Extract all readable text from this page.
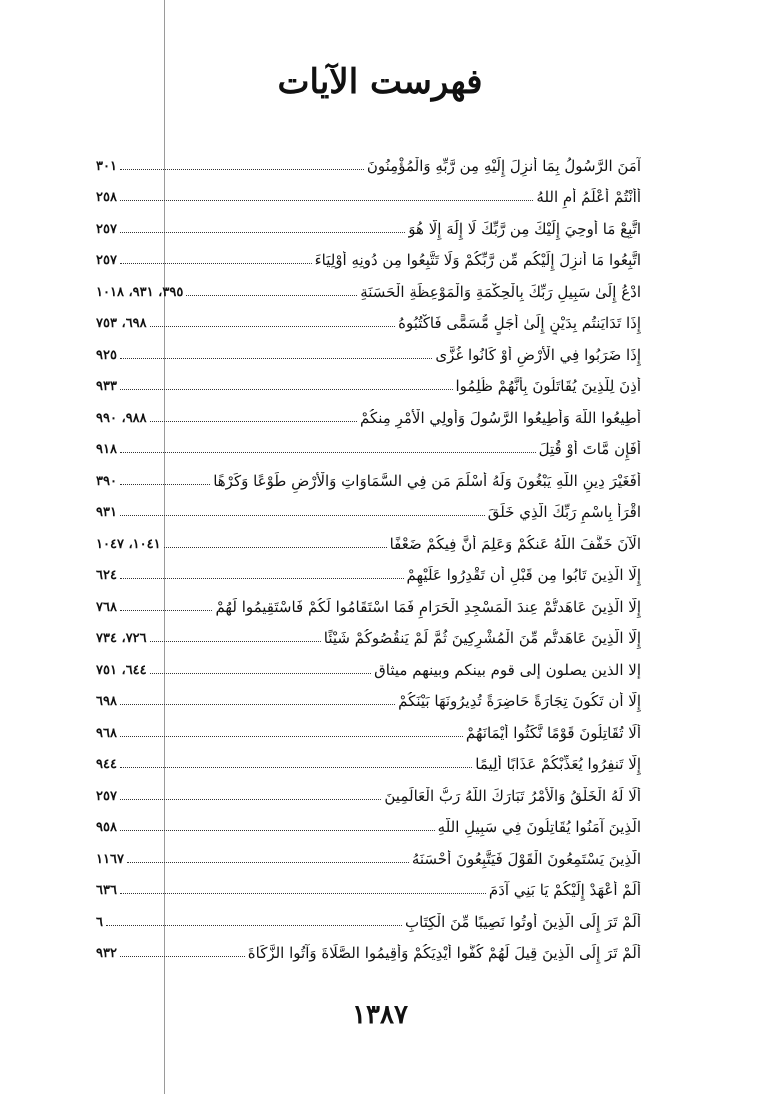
فهرست الآيات
٣٠١	آمَنَ الرَّسُولُ بِمَا أُنزِلَ إِلَيْهِ مِن رَّبِّهِ وَالْمُؤْمِنُونَ
٢٥٨	أأنْتُمْ أعْلَمُ أمِ اللهُ
٢٥٧	اتَّبِعْ مَا أُوحِيَ إِلَيْكَ مِن رَّبِّكَ لَا إِلَٰهَ إِلَّا هُوَ
٢٥٧	اتَّبِعُوا مَا أُنزِلَ إِلَيْكُم مِّن رَّبِّكُمْ وَلَا تَتَّبِعُوا مِن دُونِهِ أَوْلِيَاءَ
٣٩٥، ٩٣١، ١٠١٨	ادْعُ إِلَىٰ سَبِيلِ رَبِّكَ بِالْحِكْمَةِ وَالْمَوْعِظَةِ الْحَسَنَةِ
٦٩٨، ٧٥٣	إِذَا تَدَايَنتُم بِدَيْنٍ إِلَىٰ أَجَلٍ مُّسَمًّى فَاكْتُبُوهُ
٩٢٥	إِذَا ضَرَبُوا فِي الْأَرْضِ أَوْ كَانُوا غُزًّى
٩٣٣	أُذِنَ لِلَّذِينَ يُقَاتَلُونَ بِأَنَّهُمْ ظُلِمُوا
٩٨٨، ٩٩٠	أَطِيعُوا اللَّهَ وَأَطِيعُوا الرَّسُولَ وَأُولِي الْأَمْرِ مِنكُمْ
٩١٨	أَفَإِن مَّاتَ أَوْ قُتِلَ
٣٩٠	أَفَغَيْرَ دِينِ اللَّهِ يَبْغُونَ وَلَهُ أَسْلَمَ مَن فِي السَّمَاوَاتِ وَالْأَرْضِ طَوْعًا وَكَرْهًا
٩٣١	اقْرَأْ بِاسْمِ رَبِّكَ الَّذِي خَلَقَ
١٠٤١، ١٠٤٧	الْآنَ خَفَّفَ اللَّهُ عَنكُمْ وَعَلِمَ أَنَّ فِيكُمْ ضَعْفًا
٦٢٤	إِلَّا الَّذِينَ تَابُوا مِن قَبْلِ أَن تَقْدِرُوا عَلَيْهِمْ
٧٦٨	إِلَّا الَّذِينَ عَاهَدتُّمْ عِندَ الْمَسْجِدِ الْحَرَامِ فَمَا اسْتَقَامُوا لَكُمْ فَاسْتَقِيمُوا لَهُمْ
٧٢٦، ٧٣٤	إِلَّا الَّذِينَ عَاهَدتُّم مِّنَ الْمُشْرِكِينَ ثُمَّ لَمْ يَنقُصُوكُمْ شَيْئًا
٦٤٤، ٧٥١	إلا الذين يصلون إلى قوم بينكم وبينهم ميثاق
٦٩٨	إِلَّا أَن تَكُونَ تِجَارَةً حَاضِرَةً تُدِيرُونَهَا بَيْنَكُمْ
٩٦٨	أَلَا تُقَاتِلُونَ قَوْمًا نَّكَثُوا أَيْمَانَهُمْ
٩٤٤	إِلَّا تَنفِرُوا يُعَذِّبْكُمْ عَذَابًا أَلِيمًا
٢٥٧	أَلَا لَهُ الْخَلْقُ وَالْأَمْرُ تَبَارَكَ اللَّهُ رَبُّ الْعَالَمِينَ
٩٥٨	الَّذِينَ آمَنُوا يُقَاتِلُونَ فِي سَبِيلِ اللَّهِ
١١٦٧	الَّذِينَ يَسْتَمِعُونَ الْقَوْلَ فَيَتَّبِعُونَ أَحْسَنَهُ
٦٣٦	أَلَمْ أَعْهَدْ إِلَيْكُمْ يَا بَنِي آدَمَ
٦	أَلَمْ تَرَ إِلَى الَّذِينَ أُوتُوا نَصِيبًا مِّنَ الْكِتَابِ
٩٣٢	أَلَمْ تَرَ إِلَى الَّذِينَ قِيلَ لَهُمْ كُفُّوا أَيْدِيَكُمْ وَأَقِيمُوا الصَّلَاةَ وَآتُوا الزَّكَاةَ
١٣٨٧
